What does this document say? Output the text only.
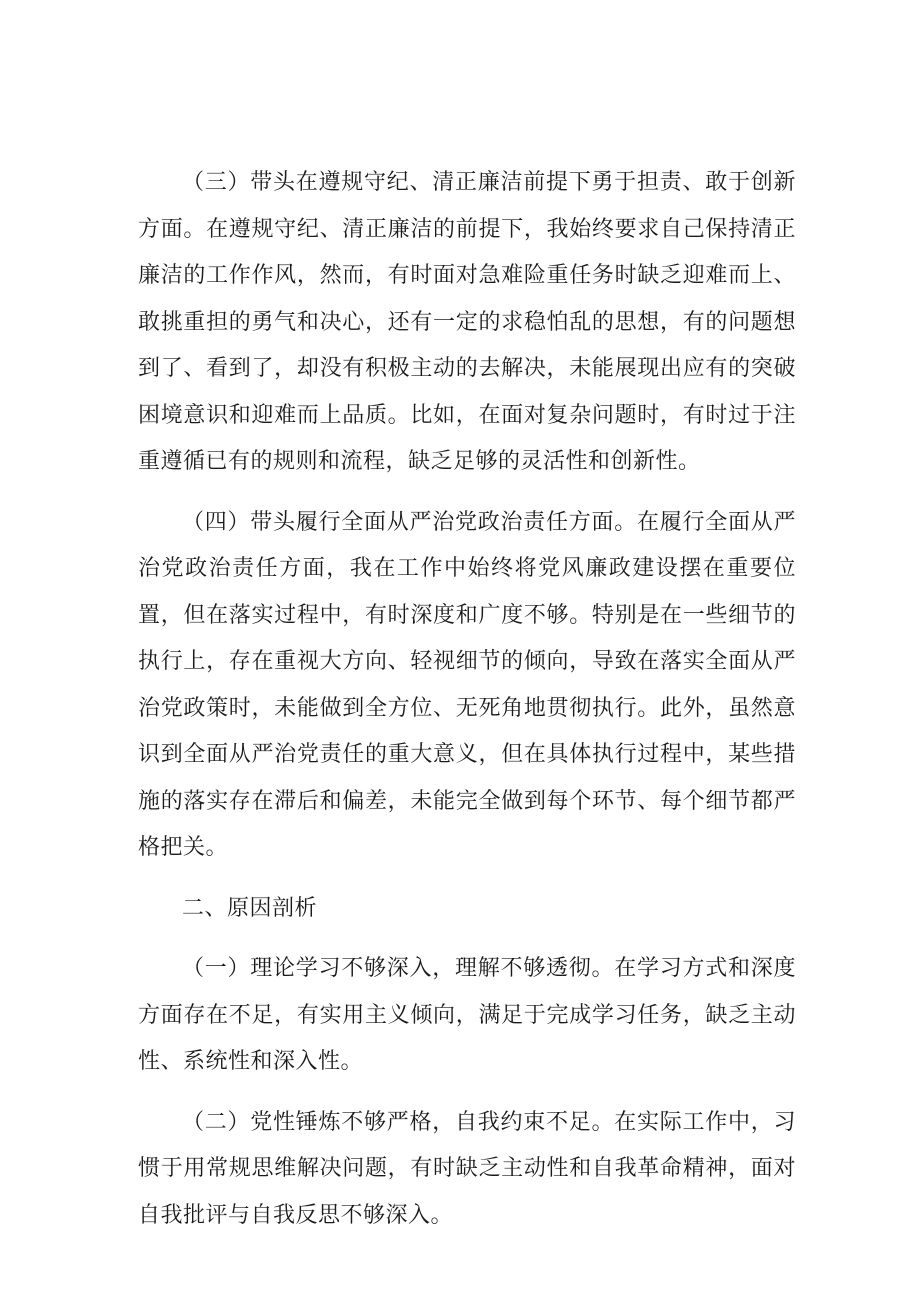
（三）带头在遵规守纪、清正廉洁前提下勇于担责、敢于创新方面。在遵规守纪、清正廉洁的前提下，我始终要求自己保持清正廉洁的工作作风，然而，有时面对急难险重任务时缺乏迎难而上、敢挑重担的勇气和决心，还有一定的求稳怕乱的思想，有的问题想到了、看到了，却没有积极主动的去解决，未能展现出应有的突破困境意识和迎难而上品质。比如，在面对复杂问题时，有时过于注重遵循已有的规则和流程，缺乏足够的灵活性和创新性。

（四）带头履行全面从严治党政治责任方面。在履行全面从严治党政治责任方面，我在工作中始终将党风廉政建设摆在重要位置，但在落实过程中，有时深度和广度不够。特别是在一些细节的执行上，存在重视大方向、轻视细节的倾向，导致在落实全面从严治党政策时，未能做到全方位、无死角地贯彻执行。此外，虽然意识到全面从严治党责任的重大意义，但在具体执行过程中，某些措施的落实存在滞后和偏差，未能完全做到每个环节、每个细节都严格把关。

二、原因剖析

（一）理论学习不够深入，理解不够透彻。在学习方式和深度方面存在不足，有实用主义倾向，满足于完成学习任务，缺乏主动性、系统性和深入性。

（二）党性锤炼不够严格，自我约束不足。在实际工作中，习惯于用常规思维解决问题，有时缺乏主动性和自我革命精神，面对自我批评与自我反思不够深入。
